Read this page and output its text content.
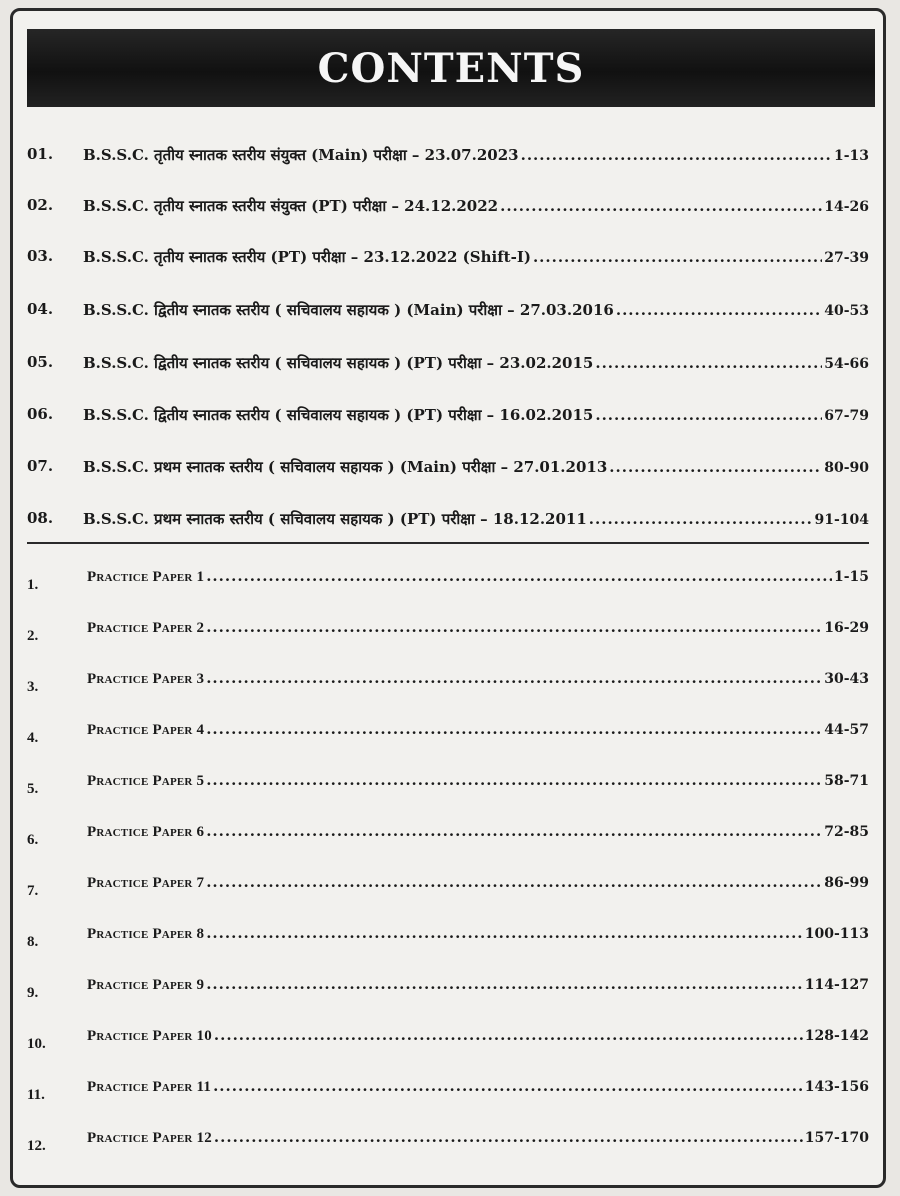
CONTENTS
01. B.S.S.C. तृतीय स्नातक स्तरीय संयुक्त (Main) परीक्षा – 23.07.2023 .....	1-13
02. B.S.S.C. तृतीय स्नातक स्तरीय संयुक्त (PT) परीक्षा – 24.12.2022 .....	14-26
03. B.S.S.C. तृतीय स्नातक स्तरीय (PT) परीक्षा – 23.12.2022 (Shift-I) .....	27-39
04. B.S.S.C. द्वितीय स्नातक स्तरीय ( सचिवालय सहायक ) (Main) परीक्षा – 27.03.2016 .....	40-53
05. B.S.S.C. द्वितीय स्नातक स्तरीय ( सचिवालय सहायक ) (PT) परीक्षा – 23.02.2015 .....	54-66
06. B.S.S.C. द्वितीय स्नातक स्तरीय ( सचिवालय सहायक ) (PT) परीक्षा – 16.02.2015 .....	67-79
07. B.S.S.C. प्रथम स्नातक स्तरीय ( सचिवालय सहायक ) (Main) परीक्षा – 27.01.2013 .....	80-90
08. B.S.S.C. प्रथम स्नातक स्तरीय ( सचिवालय सहायक ) (PT) परीक्षा – 18.12.2011 .....	91-104
1.	Practice Paper 1 .....	1-15
2.	Practice Paper 2 .....	16-29
3.	Practice Paper 3 .....	30-43
4.	Practice Paper 4 .....	44-57
5.	Practice Paper 5 .....	58-71
6.	Practice Paper 6 .....	72-85
7.	Practice Paper 7 .....	86-99
8.	Practice Paper 8 .....	100-113
9.	Practice Paper 9 .....	114-127
10.	Practice Paper 10 .....	128-142
11.	Practice Paper 11 .....	143-156
12.	Practice Paper 12 .....	157-170
